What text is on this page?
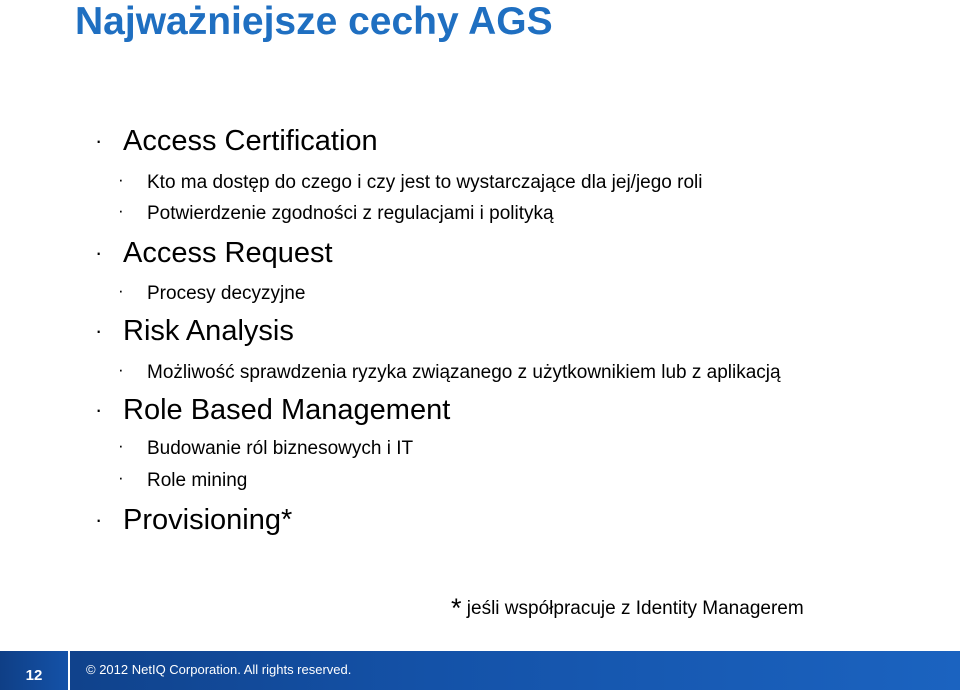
Najważniejsze cechy AGS
· Access Certification
· Kto ma dostęp do czego i czy jest to wystarczające dla jej/jego roli
· Potwierdzenie zgodności z regulacjami i polityką
· Access Request
· Procesy decyzyjne
· Risk Analysis
· Możliwość sprawdzenia ryzyka związanego z użytkownikiem lub z aplikacją
· Role Based Management
· Budowanie ról biznesowych i IT
· Role mining
· Provisioning*
* jeśli współpracuje z Identity Managerem
12	© 2012 NetIQ Corporation. All rights reserved.
